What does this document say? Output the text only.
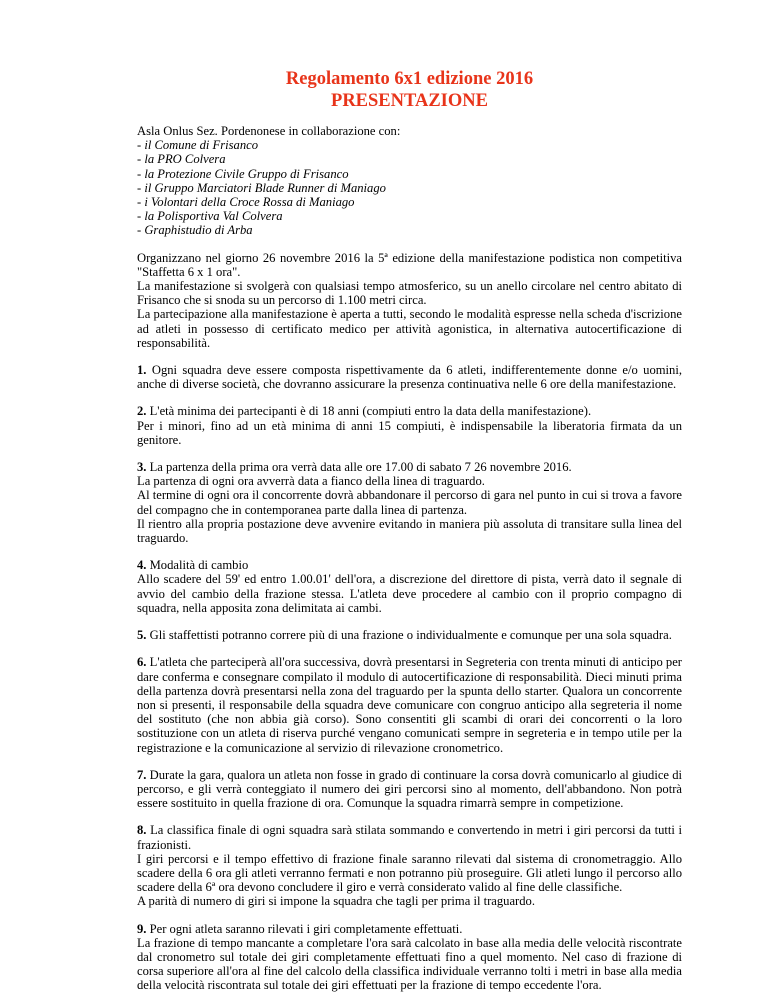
Regolamento 6x1 edizione 2016
PRESENTAZIONE
Asla Onlus Sez. Pordenonese in collaborazione con:
- il Comune di Frisanco
- la PRO Colvera
- la Protezione Civile Gruppo di Frisanco
- il Gruppo Marciatori Blade Runner di Maniago
- i Volontari della Croce Rossa di Maniago
- la Polisportiva Val Colvera
- Graphistudio di Arba

Organizzano nel giorno 26 novembre 2016 la 5ª edizione della manifestazione podistica non competitiva "Staffetta 6 x 1 ora".

La manifestazione si svolgerà con qualsiasi tempo atmosferico, su un anello circolare nel centro abitato di Frisanco che si snoda su un percorso di 1.100 metri circa.

La partecipazione alla manifestazione è aperta a tutti, secondo le modalità espresse nella scheda d'iscrizione ad atleti in possesso di certificato medico per attività agonistica, in alternativa autocertificazione di responsabilità.

1. Ogni squadra deve essere composta rispettivamente da 6 atleti, indifferentemente donne e/o uomini, anche di diverse società, che dovranno assicurare la presenza continuativa nelle 6 ore della manifestazione.

2. L'età minima dei partecipanti è di 18 anni (compiuti entro la data della manifestazione).

Per i minori, fino ad un età minima di anni 15 compiuti, è indispensabile la liberatoria firmata da un genitore.

3. La partenza della prima ora verrà data alle ore 17.00 di sabato 7 26 novembre 2016.

La partenza di ogni ora avverrà data a fianco della linea di traguardo.

Al termine di ogni ora il concorrente dovrà abbandonare il percorso di gara nel punto in cui si trova a favore del compagno che in contemporanea parte dalla linea di partenza.

Il rientro alla propria postazione deve avvenire evitando in maniera più assoluta di transitare sulla linea del traguardo.

4. Modalità di cambio

Allo scadere del 59' ed entro 1.00.01' dell'ora, a discrezione del direttore di pista, verrà dato il segnale di avvio del cambio della frazione stessa. L'atleta deve procedere al cambio con il proprio compagno di squadra, nella apposita zona delimitata ai cambi.

5. Gli staffettisti potranno correre più di una frazione o individualmente e comunque per una sola squadra.

6. L'atleta che parteciperà all'ora successiva, dovrà presentarsi in Segreteria con trenta minuti di anticipo per dare conferma e consegnare compilato il modulo di autocertificazione di responsabilità. Dieci minuti prima della partenza dovrà presentarsi nella zona del traguardo per la spunta dello starter. Qualora un concorrente non si presenti, il responsabile della squadra deve comunicare con congruo anticipo alla segreteria il nome del sostituto (che non abbia già corso). Sono consentiti gli scambi di orari dei concorrenti o la loro sostituzione con un atleta di riserva purché vengano comunicati sempre in segreteria e in tempo utile per la registrazione e la comunicazione al servizio di rilevazione cronometrico.

7. Durate la gara, qualora un atleta non fosse in grado di continuare la corsa dovrà comunicarlo al giudice di percorso, e gli verrà conteggiato il numero dei giri percorsi sino al momento, dell'abbandono. Non potrà essere sostituito in quella frazione di ora. Comunque la squadra rimarrà sempre in competizione.

8. La classifica finale di ogni squadra sarà stilata sommando e convertendo in metri i giri percorsi da tutti i frazionisti.

I giri percorsi e il tempo effettivo di frazione finale saranno rilevati dal sistema di cronometraggio. Allo scadere della 6 ora gli atleti verranno fermati e non potranno più proseguire. Gli atleti lungo il percorso allo scadere della 6ª ora devono concludere il giro e verrà considerato valido al fine delle classifiche.

A parità di numero di giri si impone la squadra che tagli per prima il traguardo.

9. Per ogni atleta saranno rilevati i giri completamente effettuati.

La frazione di tempo mancante a completare l'ora sarà calcolato in base alla media delle velocità riscontrate dal cronometro sul totale dei giri completamente effettuati fino a quel momento. Nel caso di frazione di corsa superiore all'ora al fine del calcolo della classifica individuale verranno tolti i metri in base alla media della velocità riscontrata sul totale dei giri effettuati per la frazione di tempo eccedente l'ora.
